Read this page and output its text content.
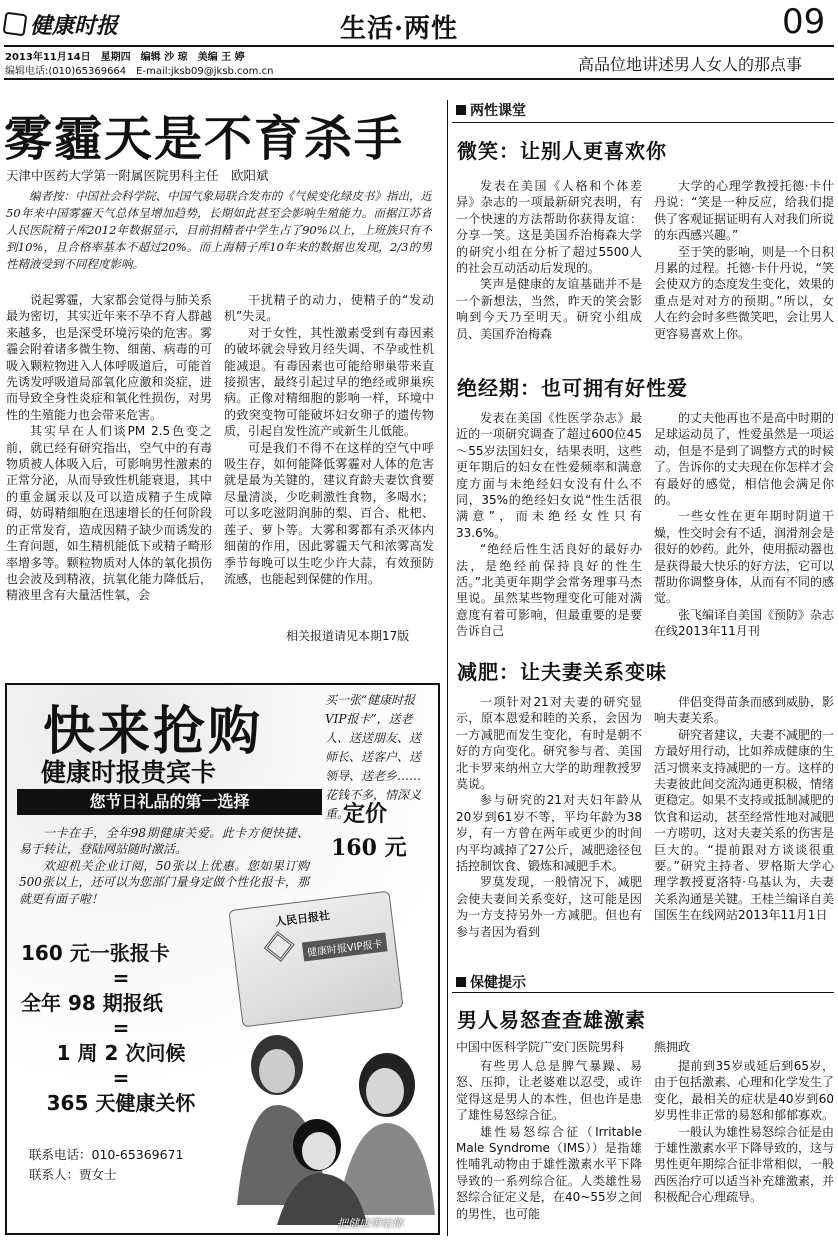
健康时报	生活·两性	09
2013年11月14日　星期四　编辑 沙 琼　美编 王 婷
编辑电话:(010)65369664　E-mail:jksb09@jksb.com.cn	高品位地讲述男人女人的那点事
雾霾天是不育杀手
天津中医药大学第一附属医院男科主任　欧阳斌

编者按：中国社会科学院、中国气象局联合发布的《气候变化绿皮书》指出，近50年来中国雾霾天气总体呈增加趋势，长期如此甚至会影响生殖能力。而据江苏省人民医院精子库2012年数据显示，目前捐精者中学生占了90%以上，上班族只有不到10%，且合格率基本不超过20%。而上海精子库10年来的数据也发现，2/3的男性精液受到不同程度影响。

说起雾霾，大家都会觉得与肺关系最为密切，其实近年来不孕不育人群越来越多，也是深受环境污染的危害。雾霾会附着诸多微生物、细菌、病毒的可吸入颗粒物进入人体呼吸道后，可能首先诱发呼吸道局部氧化应激和炎症，进而导致全身性炎症和氧化性损伤，对男性的生殖能力也会带来危害。

其实早在人们谈PM 2.5色变之前，就已经有研究指出，空气中的有毒物质被人体吸入后，可影响男性激素的正常分泌，从而导致性机能衰退，其中的重金属汞以及可以造成精子生成障碍，妨碍精细胞在迅速增长的任何阶段的正常发育，造成因精子缺少而诱发的生育问题，如生精机能低下或精子畸形率增多等。颗粒物质对人体的氧化损伤也会波及到精液，抗氧化能力降低后，精液里含有大量活性氧，会

干扰精子的动力，使精子的“发动机”失灵。

对于女性，其性激素受到有毒因素的破坏就会导致月经失调、不孕或性机能减退。有毒因素也可能给卵巢带来直接损害，最终引起过早的绝经或卵巢疾病。正像对精细胞的影响一样，环境中的致突变物可能破坏妇女卵子的遗传物质，引起自发性流产或新生儿低能。

可是我们不得不在这样的空气中呼吸生存，如何能降低雾霾对人体的危害就是最为关键的，建议育龄夫妻饮食要尽量清淡，少吃刺激性食物，多喝水；可以多吃滋阴润肺的梨、百合、枇杷、莲子、萝卜等。大雾和雾都有杀灭体内细菌的作用，因此雾霾天气和浓雾高发季节每晚可以生吃少许大蒜，有效预防流感，也能起到保健的作用。

相关报道请见本期17版
快来抢购
健康时报贵宾卡
您节日礼品的第一选择
买一张“健康时报VIP报卡”，送老人、送送朋友、送师长、送客户、送领导、送老乡……花钱不多，情深义重。
定价
160 元

一卡在手，全年98期健康关爱。此卡方便快捷、易于转让，登陆网站随时激活。

欢迎机关企业订阅，50张以上优惠。您如果订购500张以上，还可以为您部门量身定做个性化报卡，那就更有面子啦！

160 元一张报卡
=
全年 98 期报纸
=
1 周 2 次问候
=
365 天健康关怀
人民日报社
健康时报VIP报卡
联系电话：010-65369671
联系人：贾女士
把健康带给你
两性课堂
微笑：让别人更喜欢你

发表在美国《人格和个体差异》杂志的一项最新研究表明，有一个快速的方法帮助你获得友谊：分享一笑。这是美国乔治梅森大学的研究小组在分析了超过5500人的社会互动活动后发现的。

笑声是健康的友谊基础并不是一个新想法，当然，昨天的笑会影响到今天乃至明天。研究小组成员、美国乔治梅森

大学的心理学教授托德·卡什丹说：“笑是一种反应，给我们提供了客观证据证明有人对我们所说的东西感兴趣。”

至于笑的影响，则是一个日积月累的过程。托德·卡什丹说，“笑会使双方的态度发生变化，效果的重点是对对方的预期。”所以，女人在约会时多些微笑吧，会让男人更容易喜欢上你。

绝经期：也可拥有好性爱

发表在美国《性医学杂志》最近的一项研究调查了超过600位45～55岁法国妇女，结果表明，这些更年期后的妇女在性爱频率和满意度方面与未绝经妇女没有什么不同，35%的绝经妇女说“性生活很满意”，而未绝经女性只有33.6%。

“绝经后性生活良好的最好办法，是绝经前保持良好的性生活。”北美更年期学会常务理事马杰里说。虽然某些物理变化可能对满意度有着可影响，但最重要的是要告诉自己

的丈夫他再也不是高中时期的足球运动员了，性爱虽然是一项运动，但是不是到了调整方式的时候了。告诉你的丈夫现在你怎样才会有最好的感觉，相信他会满足你的。

一些女性在更年期时阴道干燥，性交时会有不适，润滑剂会是很好的妙药。此外，使用振动器也是获得最大快乐的好方法，它可以帮助你调整身体，从而有不同的感觉。

张飞编译自美国《预防》杂志在线2013年11月刊

减肥：让夫妻关系变味

一项针对21对夫妻的研究显示，原本恩爱和睦的关系，会因为一方减肥而发生变化，有时是朝不好的方向变化。研究参与者、美国北卡罗来纳州立大学的助理教授罗莫说。

参与研究的21对夫妇年龄从20岁到61岁不等，平均年龄为38岁，有一方曾在两年或更少的时间内平均减掉了27公斤，减肥途径包括控制饮食、锻炼和减肥手术。

罗莫发现，一般情况下，减肥会使夫妻间关系变好，这可能是因为一方支持另外一方减肥。但也有参与者因为看到

伴侣变得苗条而感到威胁，影响夫妻关系。

研究者建议，夫妻不减肥的一方最好用行动，比如养成健康的生活习惯来支持减肥的一方。这样的夫妻彼此间交流沟通更积极，情绪更稳定。如果不支持或抵制减肥的饮食和运动，甚至经常性地对减肥一方唠叨，这对夫妻关系的伤害是巨大的。“提前跟对方谈谈很重要。”研究主持者、罗格斯大学心理学教授夏洛特·乌基认为，夫妻关系沟通是关键。王桂兰编译自美国医生在线网站2013年11月1日

保健提示
男人易怒查查雄激素
中国中医科学院广安门医院男科 熊拥政

有些男人总是脾气暴躁、易怒、压抑，让老婆难以忍受，或许觉得这是男人的本性，但也许是患了雄性易怒综合征。

雄性易怒综合征（Irritable Male Syndrome（IMS））是指雄性哺乳动物由于雄性激素水平下降导致的一系列综合征。人类雄性易怒综合征定义是，在40~55岁之间的男性，也可能

提前到35岁或延后到65岁，由于包括激素、心理和化学发生了变化，最相关的症状是40岁到60岁男性非正常的易怒和郁郁寡欢。

一般认为雄性易怒综合征是由于雄性激素水平下降导致的，这与男性更年期综合征非常相似，一般西医治疗可以适当补充雄激素，并积极配合心理疏导。
